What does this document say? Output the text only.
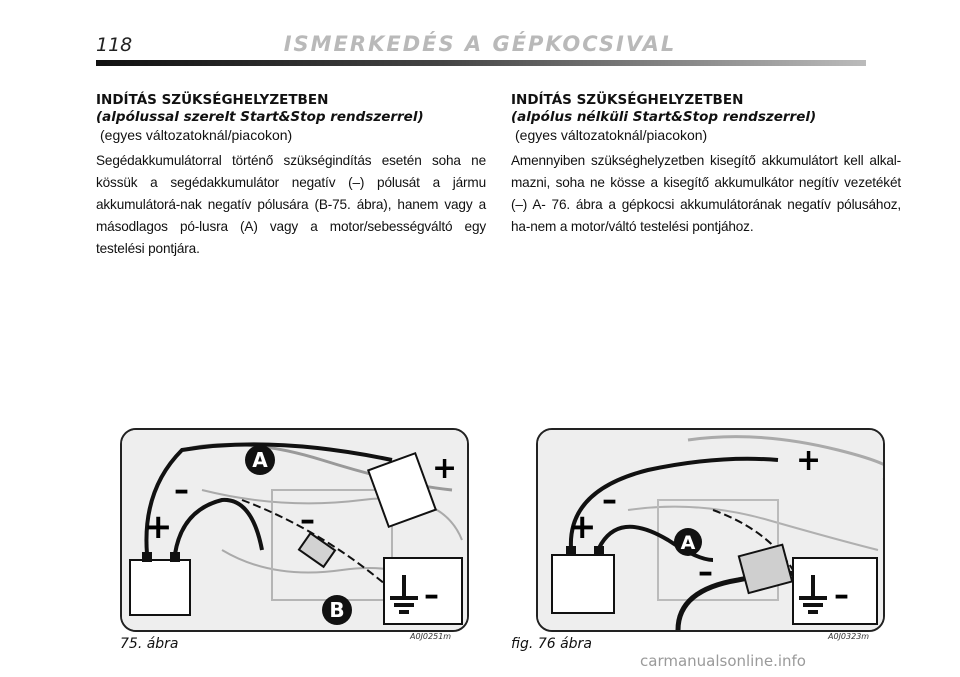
118	ISMERKEDÉS A GÉPKOCSIVAL

INDÍTÁS SZÜKSÉGHELYZETBEN

(alpólussal szerelt Start&Stop rendszerrel)

(egyes változatoknál/piacokon)

Segédakkumulátorral történő szükségindítás esetén soha ne kössük a segédakkumulátor negatív (–) pólusát a jármu akkumulátorá-nak negatív pólusára (B-75. ábra), hanem vagy a másodlagos pó-lusra (A) vagy a motor/sebességváltó egy testelési pontjára.

INDÍTÁS SZÜKSÉGHELYZETBEN

(alpólus nélküli Start&Stop rendszerrel)

(egyes változatoknál/piacokon)

Amennyiben szükséghelyzetben kisegítő akkumulátort kell alkal-mazni, soha ne kösse a kisegítő akkumulkátor negítív vezetékét (–) A- 76. ábra a gépkocsi akkumulátorának negatív pólusához, ha-nem a motor/váltó testelési pontjához.

A
B
+
–
+
–
–
A
+
–
+
–
–
75. ábra	A0J0251m	fig. 76 ábra	A0J0323m
carmanualsonline.info
